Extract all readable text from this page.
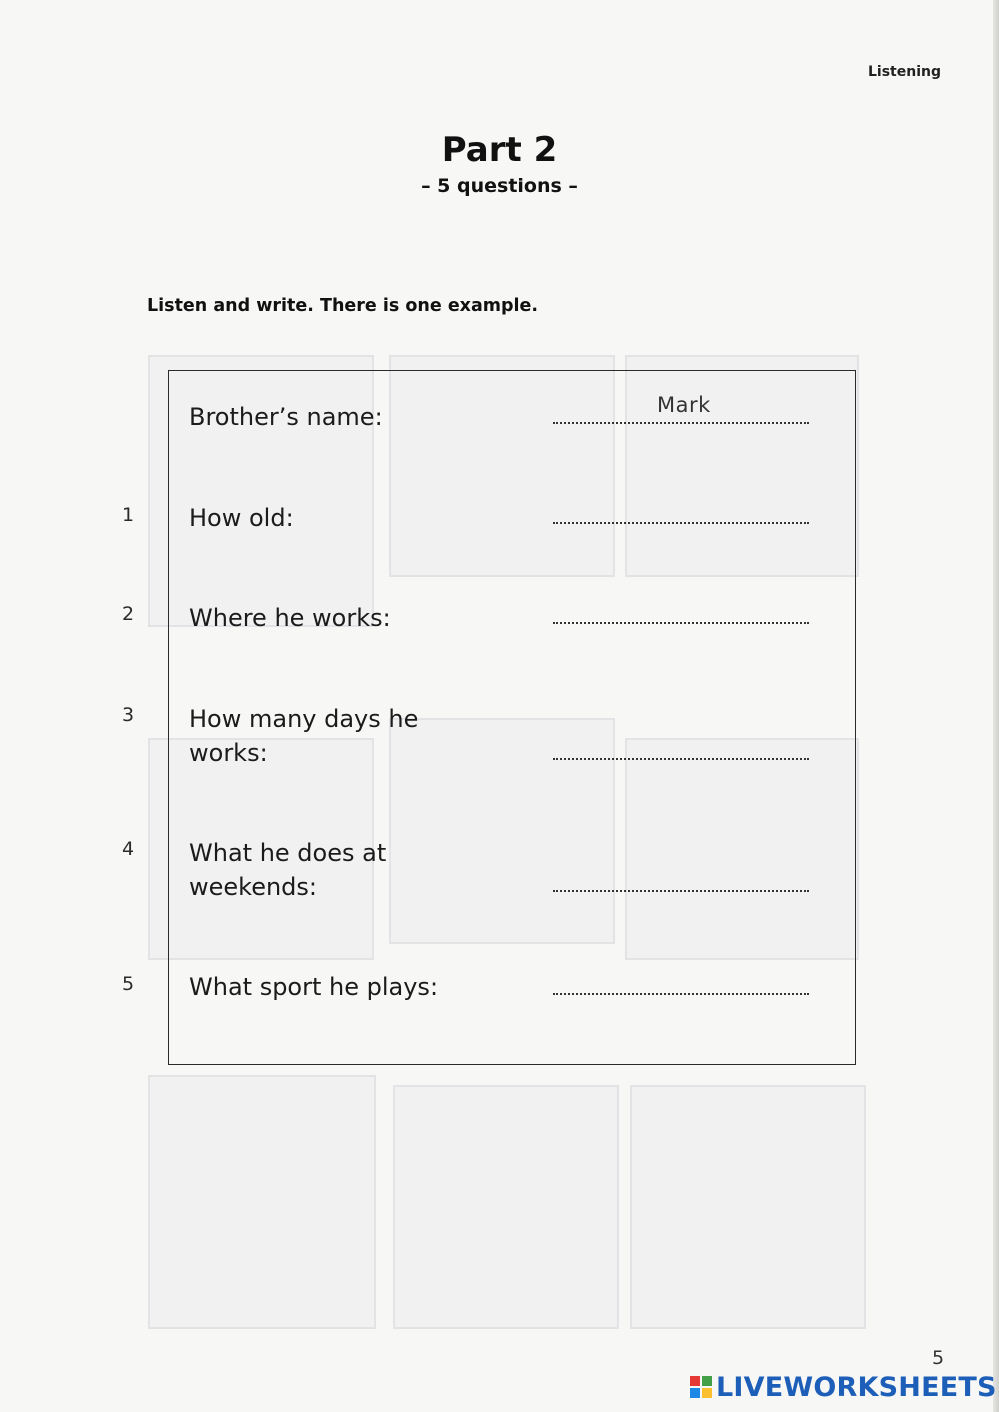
Listening
Part 2
– 5 questions –
Listen and write. There is one example.
Brother’s name:	Mark
1 How old:
2 Where he works:
3 How many days he works:
4 What he does at weekends:
5 What sport he plays:
5
LIVEWORKSHEETS
